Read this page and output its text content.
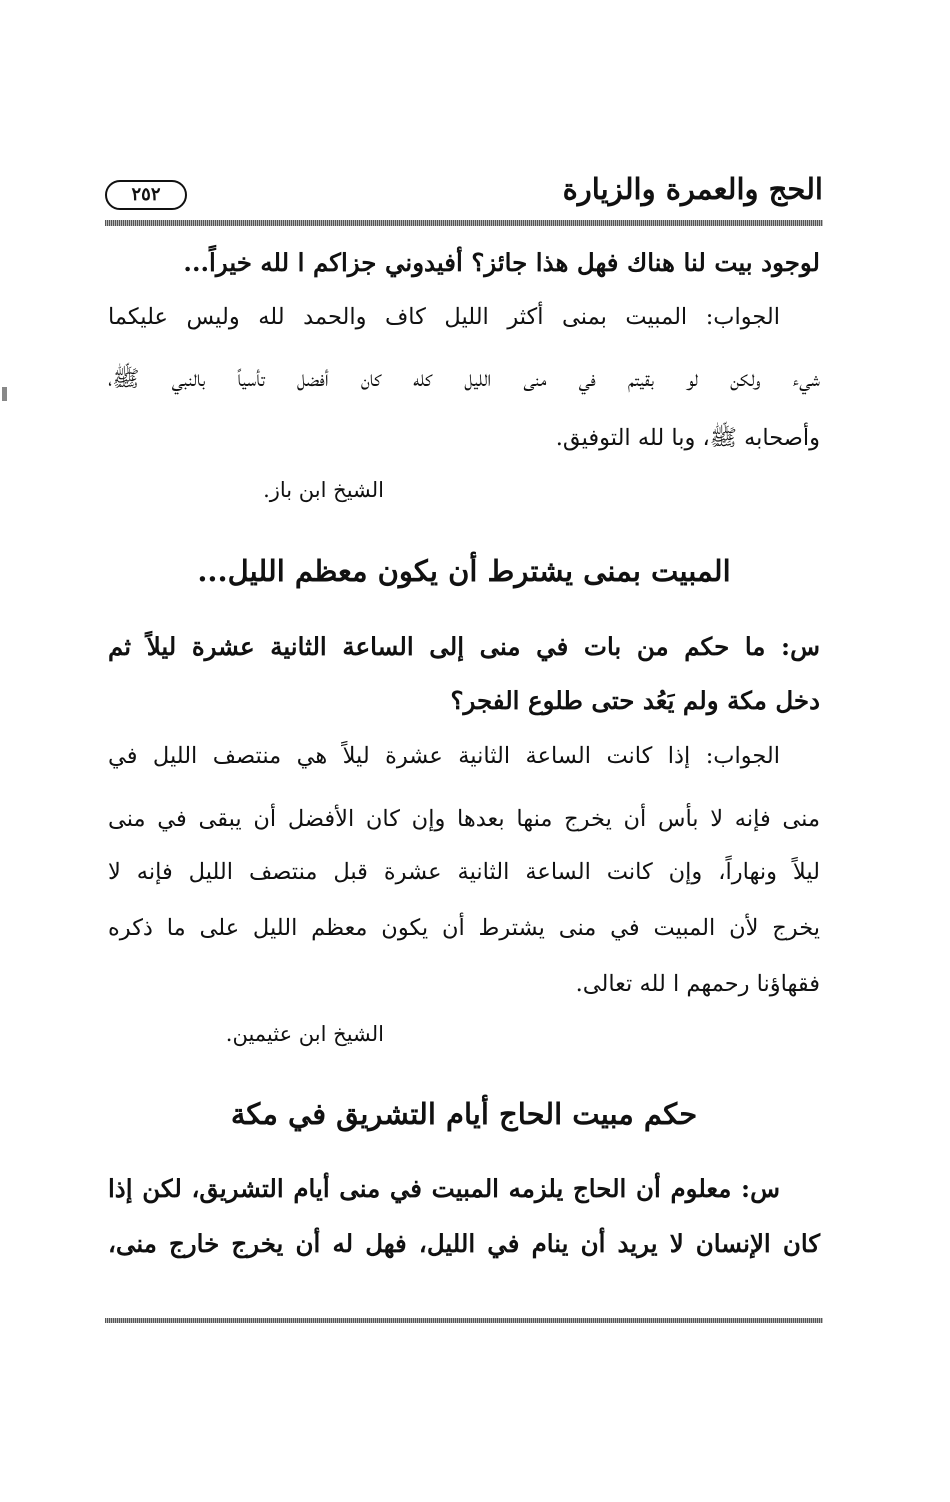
الحج والعمرة والزيارة
٢٥٢
لوجود بيت لنا هناك فهل هذا جائز؟ أفيدوني جزاكم ا لله خيراً...
الجواب: المبيت بمنى أكثر الليل كاف والحمد لله وليس عليكما
شيء ولكن لو بقيتم في منى الليل كله كان أفضل تأسياً بالنبي ﷺ،
وأصحابه ﷺ، وبا لله التوفيق.
الشيخ ابن باز.
المبيت بمنى يشترط أن يكون معظم الليل...
س: ما حكم من بات في منى إلى الساعة الثانية عشرة ليلاً ثم
دخل مكة ولم يَعُد حتى طلوع الفجر؟
الجواب: إذا كانت الساعة الثانية عشرة ليلاً هي منتصف الليل في
منى فإنه لا بأس أن يخرج منها بعدها وإن كان الأفضل أن يبقى في منى
ليلاً ونهاراً، وإن كانت الساعة الثانية عشرة قبل منتصف الليل فإنه لا
يخرج لأن المبيت في منى يشترط أن يكون معظم الليل على ما ذكره
فقهاؤنا رحمهم ا لله تعالى.
الشيخ ابن عثيمين.
حكم مبيت الحاج أيام التشريق في مكة
س: معلوم أن الحاج يلزمه المبيت في منى أيام التشريق، لكن إذا
كان الإنسان لا يريد أن ينام في الليل، فهل له أن يخرج خارج منى،
